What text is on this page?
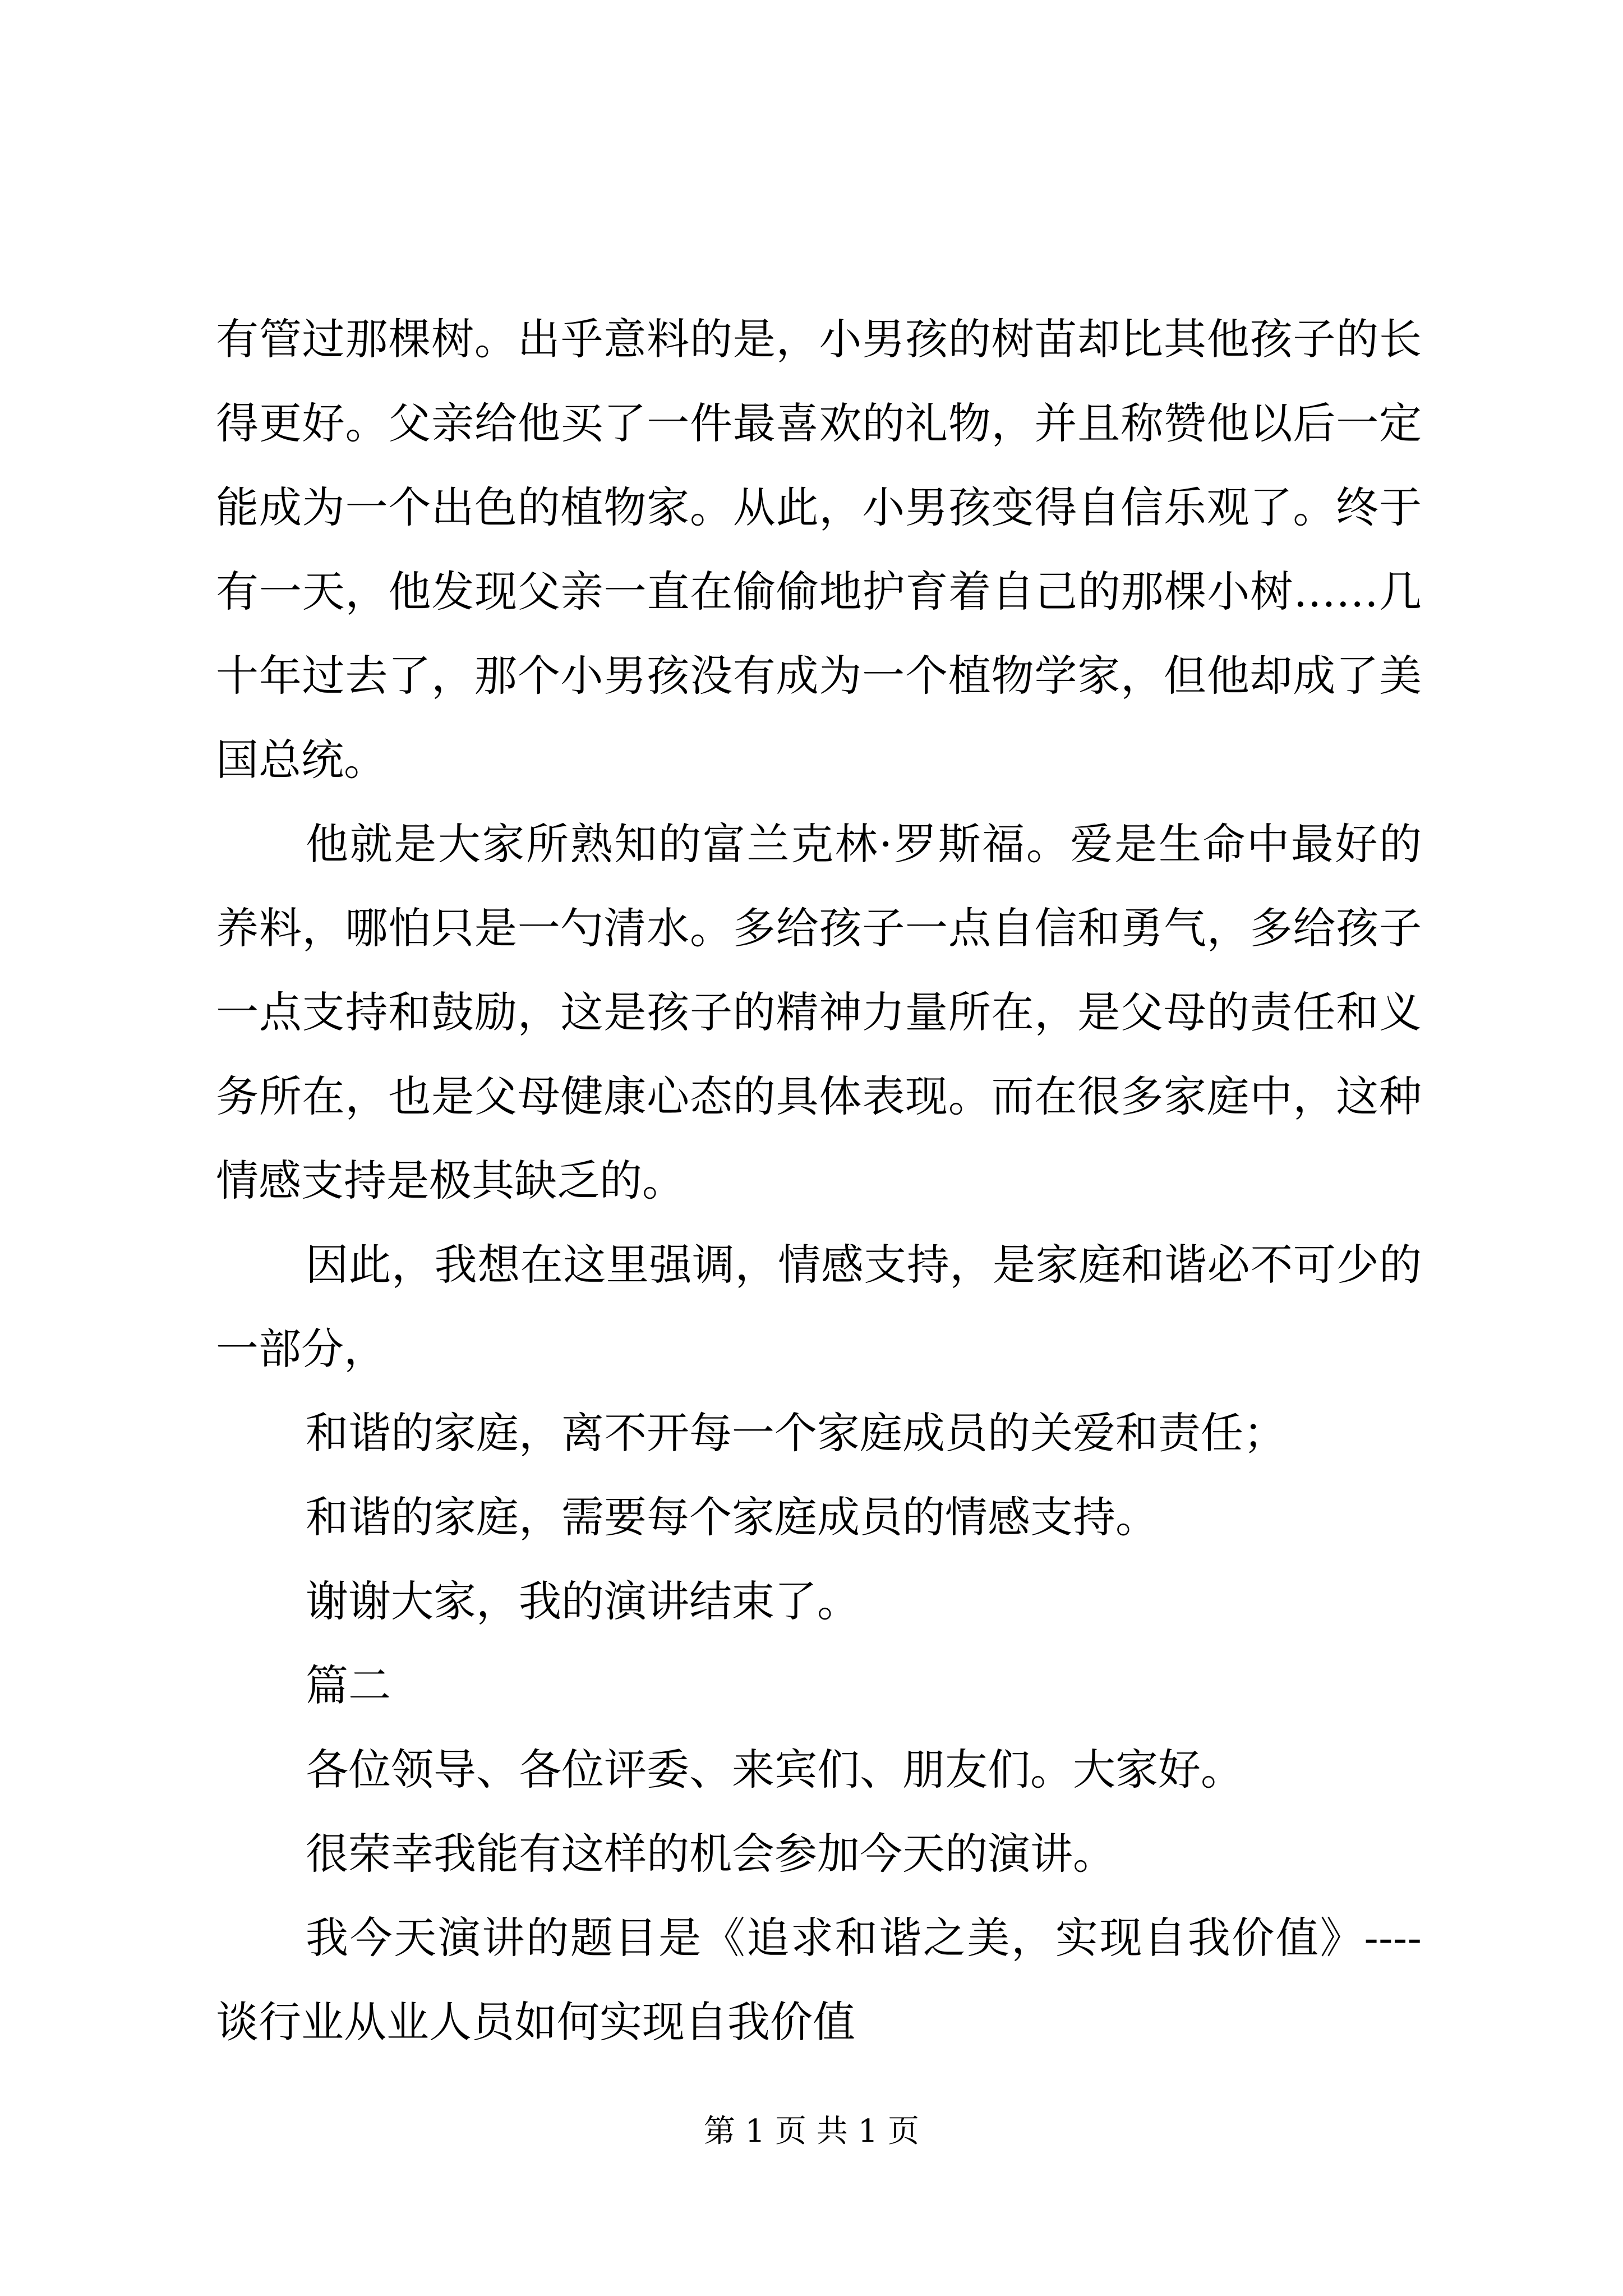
有管过那棵树。出乎意料的是，小男孩的树苗却比其他孩子的长
得更好。父亲给他买了一件最喜欢的礼物，并且称赞他以后一定
能成为一个出色的植物家。从此，小男孩变得自信乐观了。终于
有一天，他发现父亲一直在偷偷地护育着自己的那棵小树……几
十年过去了，那个小男孩没有成为一个植物学家，但他却成了美
国总统。
他就是大家所熟知的富兰克林·罗斯福。爱是生命中最好的
养料，哪怕只是一勺清水。多给孩子一点自信和勇气，多给孩子
一点支持和鼓励，这是孩子的精神力量所在，是父母的责任和义
务所在，也是父母健康心态的具体表现。而在很多家庭中，这种
情感支持是极其缺乏的。
因此，我想在这里强调，情感支持，是家庭和谐必不可少的
一部分，
和谐的家庭，离不开每一个家庭成员的关爱和责任；
和谐的家庭，需要每个家庭成员的情感支持。
谢谢大家，我的演讲结束了。
篇二
各位领导、各位评委、来宾们、朋友们。大家好。
很荣幸我能有这样的机会参加今天的演讲。
我今天演讲的题目是《追求和谐之美，实现自我价值》----
谈行业从业人员如何实现自我价值
第 1 页 共 1 页
